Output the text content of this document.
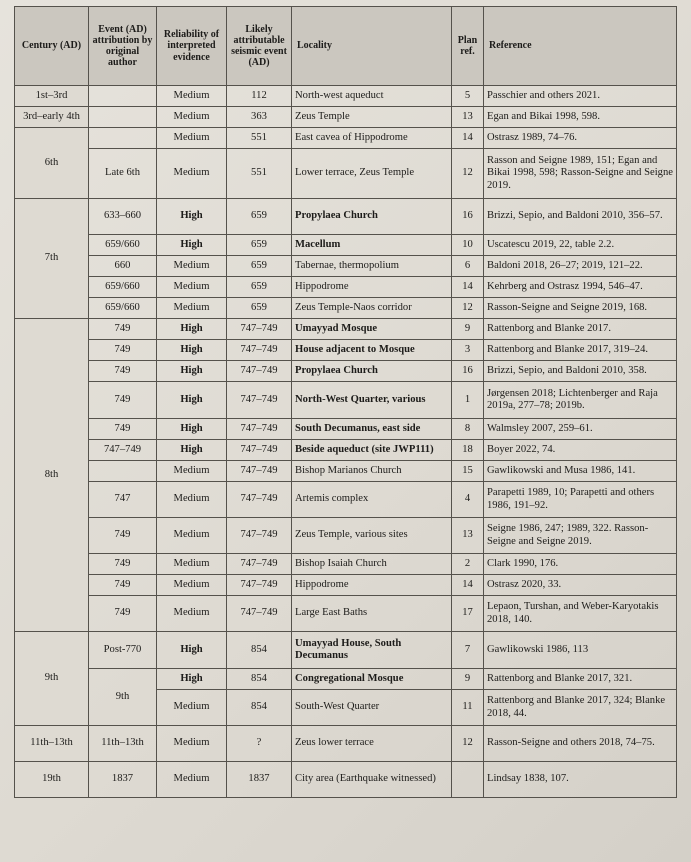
Century (AD)	Event (AD) attribution by original author	Reliability of interpreted evidence	Likely attributable seismic event (AD)	Locality	Plan ref.	Reference
1st–3rd		Medium	112	North-west aqueduct	5	Passchier and others 2021.
3rd–early 4th		Medium	363	Zeus Temple	13	Egan and Bikai 1998, 598.
6th		Medium	551	East cavea of Hippodrome	14	Ostrasz 1989, 74–76.
	Late 6th	Medium	551	Lower terrace, Zeus Temple	12	Rasson and Seigne 1989, 151; Egan and Bikai 1998, 598; Rasson-Seigne and Seigne 2019.
7th	633–660	High	659	Propylaea Church	16	Brizzi, Sepio, and Baldoni 2010, 356–57.
	659/660	High	659	Macellum	10	Uscatescu 2019, 22, table 2.2.
	660	Medium	659	Tabernae, thermopolium	6	Baldoni 2018, 26–27; 2019, 121–22.
	659/660	Medium	659	Hippodrome	14	Kehrberg and Ostrasz 1994, 546–47.
	659/660	Medium	659	Zeus Temple-Naos corridor	12	Rasson-Seigne and Seigne 2019, 168.
8th	749	High	747–749	Umayyad Mosque	9	Rattenborg and Blanke 2017.
	749	High	747–749	House adjacent to Mosque	3	Rattenborg and Blanke 2017, 319–24.
	749	High	747–749	Propylaea Church	16	Brizzi, Sepio, and Baldoni 2010, 358.
	749	High	747–749	North-West Quarter, various	1	Jørgensen 2018; Lichtenberger and Raja 2019a, 277–78; 2019b.
	749	High	747–749	South Decumanus, east side	8	Walmsley 2007, 259–61.
	747–749	High	747–749	Beside aqueduct (site JWP111)	18	Boyer 2022, 74.
		Medium	747–749	Bishop Marianos Church	15	Gawlikowski and Musa 1986, 141.
	747	Medium	747–749	Artemis complex	4	Parapetti 1989, 10; Parapetti and others 1986, 191–92.
	749	Medium	747–749	Zeus Temple, various sites	13	Seigne 1986, 247; 1989, 322. Rasson-Seigne and Seigne 2019.
	749	Medium	747–749	Bishop Isaiah Church	2	Clark 1990, 176.
	749	Medium	747–749	Hippodrome	14	Ostrasz 2020, 33.
	749	Medium	747–749	Large East Baths	17	Lepaon, Turshan, and Weber-Karyotakis 2018, 140.
9th	Post-770	High	854	Umayyad House, South Decumanus	7	Gawlikowski 1986, 113
	9th	High	854	Congregational Mosque	9	Rattenborg and Blanke 2017, 321.
		Medium	854	South-West Quarter	11	Rattenborg and Blanke 2017, 324; Blanke 2018, 44.
11th–13th	11th–13th	Medium	?	Zeus lower terrace	12	Rasson-Seigne and others 2018, 74–75.
19th	1837	Medium	1837	City area (Earthquake witnessed)		Lindsay 1838, 107.
